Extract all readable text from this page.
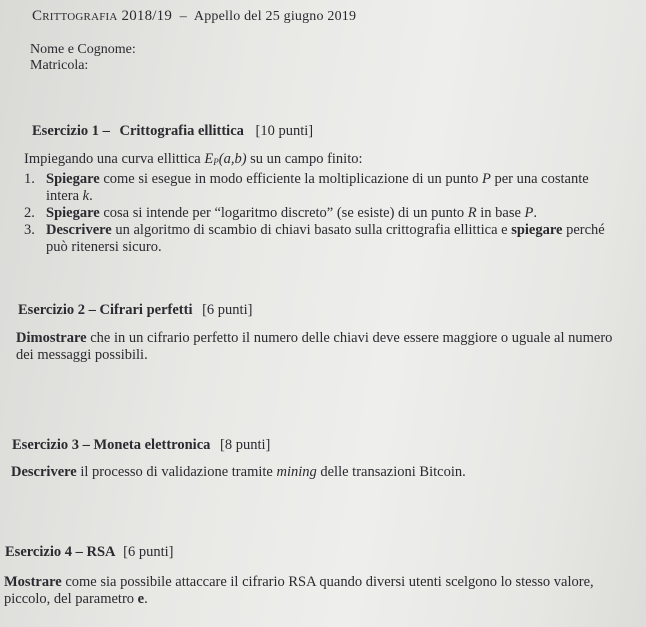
Crittografia 2018/19 – Appello del 25 giugno 2019
Nome e Cognome:
Matricola:
Esercizio 1 – Crittografia ellittica [10 punti]
Impiegando una curva ellittica $E_P(a,b)$ su un campo finito:
1. Spiegare come si esegue in modo efficiente la moltiplicazione di un punto P per una costante intera k.
2. Spiegare cosa si intende per “logaritmo discreto” (se esiste) di un punto R in base P.
3. Descrivere un algoritmo di scambio di chiavi basato sulla crittografia ellittica e spiegare perché può ritenersi sicuro.
Esercizio 2 – Cifrari perfetti [6 punti]
Dimostrare che in un cifrario perfetto il numero delle chiavi deve essere maggiore o uguale al numero dei messaggi possibili.
Esercizio 3 – Moneta elettronica [8 punti]
Descrivere il processo di validazione tramite mining delle transazioni Bitcoin.
Esercizio 4 – RSA [6 punti]
Mostrare come sia possibile attaccare il cifrario RSA quando diversi utenti scelgono lo stesso valore, piccolo, del parametro e.
